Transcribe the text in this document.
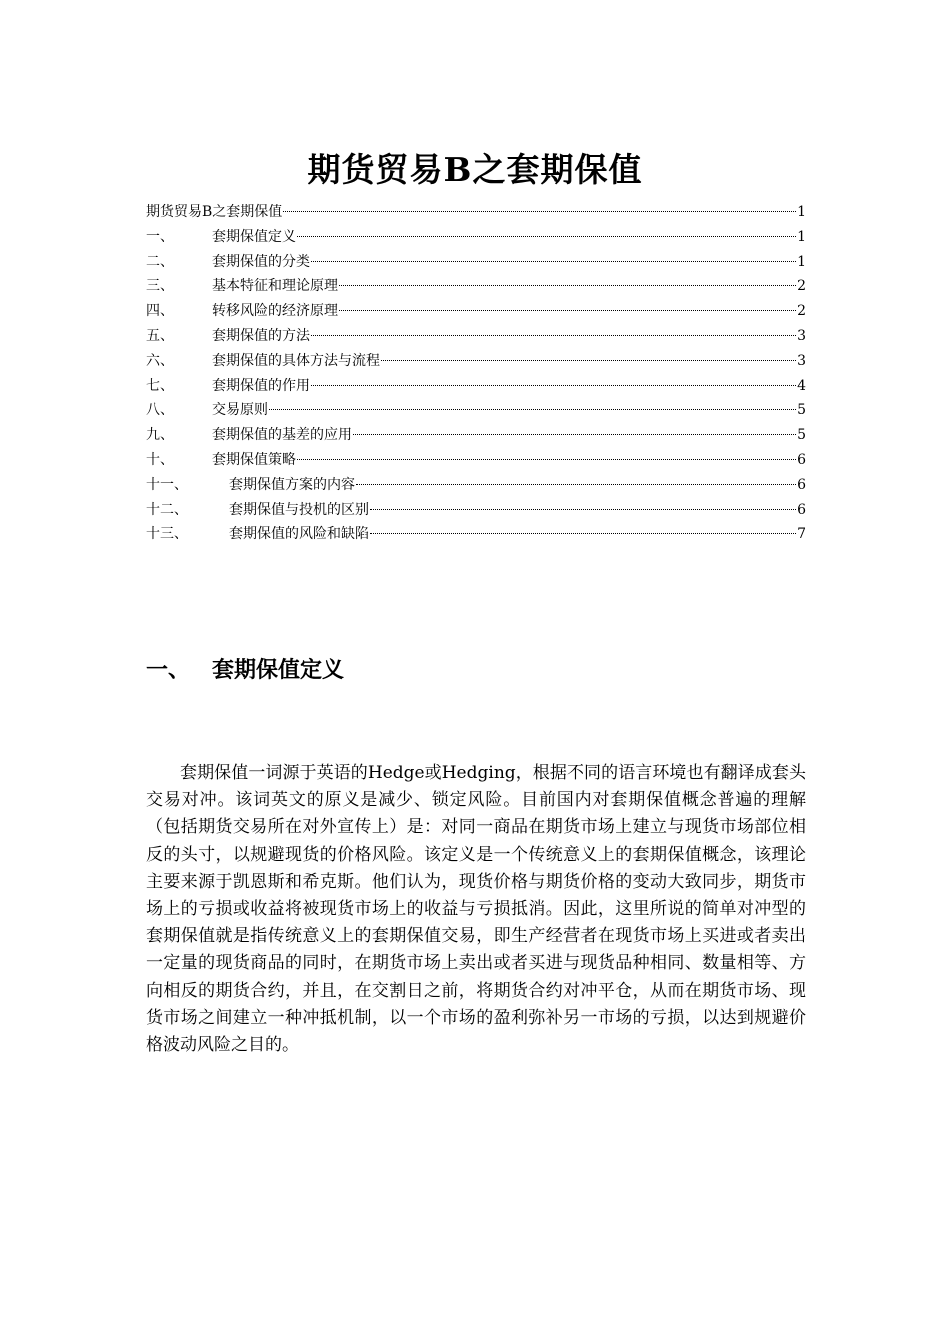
期货贸易B之套期保值
期货贸易B之套期保值	1
一、	套期保值定义	1
二、	套期保值的分类	1
三、	基本特征和理论原理	2
四、	转移风险的经济原理	2
五、	套期保值的方法	3
六、	套期保值的具体方法与流程	3
七、	套期保值的作用	4
八、	交易原则	5
九、	套期保值的基差的应用	5
十、	套期保值策略	6
十一、	套期保值方案的内容	6
十二、	套期保值与投机的区别	6
十三、	套期保值的风险和缺陷	7
一、 套期保值定义

套期保值一词源于英语的Hedge或Hedging，根据不同的语言环境也有翻译成套头交易对冲。该词英文的原义是减少、锁定风险。目前国内对套期保值概念普遍的理解（包括期货交易所在对外宣传上）是：对同一商品在期货市场上建立与现货市场部位相反的头寸，以规避现货的价格风险。该定义是一个传统意义上的套期保值概念，该理论主要来源于凯恩斯和希克斯。他们认为，现货价格与期货价格的变动大致同步，期货市场上的亏损或收益将被现货市场上的收益与亏损抵消。因此，这里所说的简单对冲型的套期保值就是指传统意义上的套期保值交易，即生产经营者在现货市场上买进或者卖出一定量的现货商品的同时，在期货市场上卖出或者买进与现货品种相同、数量相等、方向相反的期货合约，并且，在交割日之前，将期货合约对冲平仓，从而在期货市场、现货市场之间建立一种冲抵机制，以一个市场的盈利弥补另一市场的亏损，以达到规避价格波动风险之目的。
